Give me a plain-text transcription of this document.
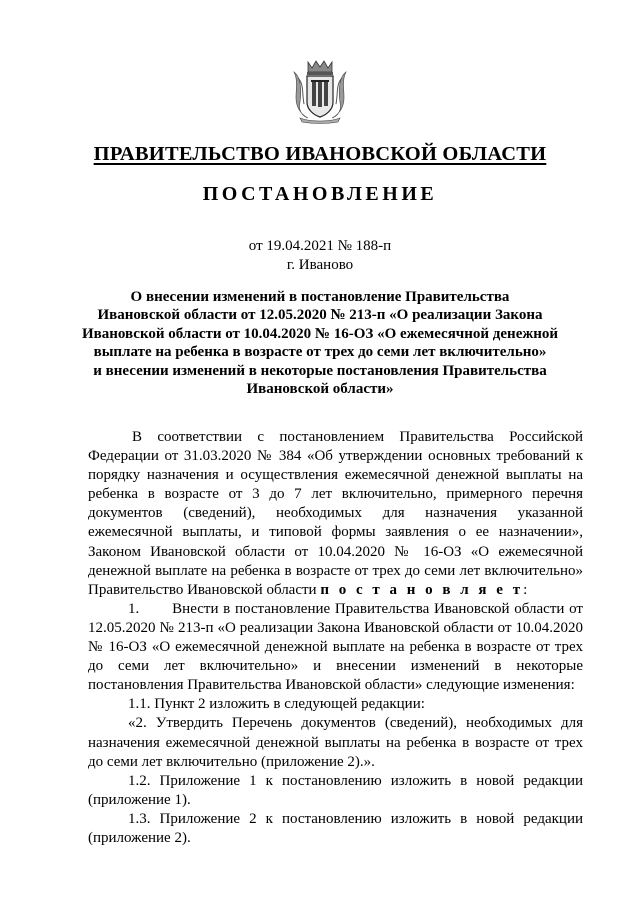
ПРАВИТЕЛЬСТВО ИВАНОВСКОЙ ОБЛАСТИ
ПОСТАНОВЛЕНИЕ
от 19.04.2021 № 188-п
г. Иваново
О внесении изменений в постановление Правительства
Ивановской области от 12.05.2020 № 213-п «О реализации Закона
Ивановской области от 10.04.2020 № 16-ОЗ «О ежемесячной денежной
выплате на ребенка в возрасте от трех до семи лет включительно»
и внесении изменений в некоторые постановления Правительства
Ивановской области»

В соответствии с постановлением Правительства Российской Федерации от 31.03.2020 № 384 «Об утверждении основных требований к порядку назначения и осуществления ежемесячной денежной выплаты на ребенка в возрасте от 3 до 7 лет включительно, примерного перечня документов (сведений), необходимых для назначения указанной ежемесячной выплаты, и типовой формы заявления о ее назначении», Законом Ивановской области от 10.04.2020 № 16-ОЗ «О ежемесячной денежной выплате на ребенка в возрасте от трех до семи лет включительно» Правительство Ивановской области п о с т а н о в л я е т:

1.       Внести в постановление Правительства Ивановской области от 12.05.2020 № 213-п «О реализации Закона Ивановской области от 10.04.2020 № 16-ОЗ «О ежемесячной денежной выплате на ребенка в возрасте от трех до семи лет включительно» и внесении изменений в некоторые постановления Правительства Ивановской области» следующие изменения:

1.1. Пункт 2 изложить в следующей редакции:

«2. Утвердить Перечень документов (сведений), необходимых для назначения ежемесячной денежной выплаты на ребенка в возрасте от трех до семи лет включительно (приложение 2).».

1.2. Приложение 1 к постановлению изложить в новой редакции (приложение 1).

1.3. Приложение 2 к постановлению изложить в новой редакции (приложение 2).
